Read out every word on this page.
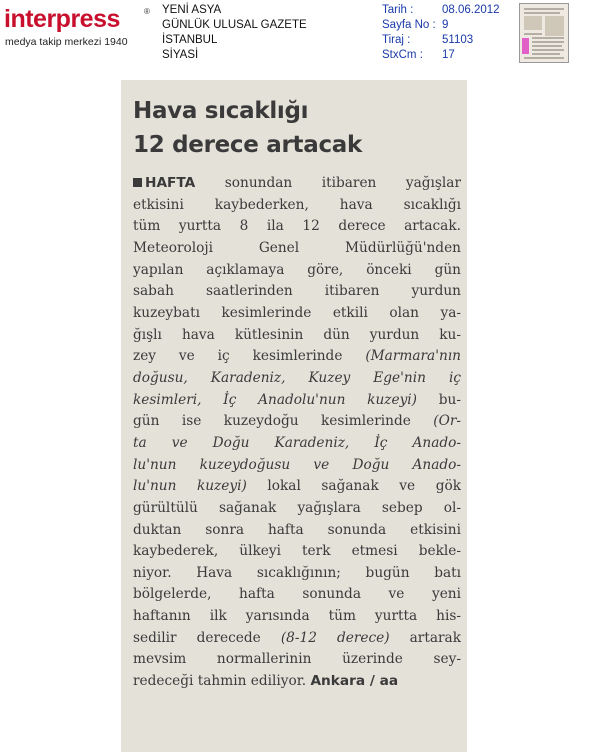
interpress	®
medya takip merkezi 1940
YENİ ASYA
GÜNLÜK ULUSAL GAZETE
İSTANBUL
SİYASİ
Tarih :	08.06.2012
Sayfa No : 9
Tiraj :	51103
StxCm :	17
Hava sıcaklığı
12 derece artacak
HAFTA sonundan itibaren yağışlar
etkisini kaybederken, hava sıcaklığı
tüm yurtta 8 ila 12 derece artacak.
Meteoroloji Genel Müdürlüğü'nden
yapılan açıklamaya göre, önceki gün
sabah saatlerinden itibaren yurdun
kuzeybatı kesimlerinde etkili olan ya-
ğışlı hava kütlesinin dün yurdun ku-
zey ve iç kesimlerinde (Marmara'nın
doğusu, Karadeniz, Kuzey Ege'nin iç
kesimleri, İç Anadolu'nun kuzeyi) bu-
gün ise kuzeydoğu kesimlerinde (Or-
ta ve Doğu Karadeniz, İç Anado-
lu'nun kuzeydoğusu ve Doğu Anado-
lu'nun kuzeyi) lokal sağanak ve gök
gürültülü sağanak yağışlara sebep ol-
duktan sonra hafta sonunda etkisini
kaybederek, ülkeyi terk etmesi bekle-
niyor. Hava sıcaklığının; bugün batı
bölgelerde, hafta sonunda ve yeni
haftanın ilk yarısında tüm yurtta his-
sedilir derecede (8-12 derece) artarak
mevsim normallerinin üzerinde sey-
redeceği tahmin ediliyor. Ankara / aa
